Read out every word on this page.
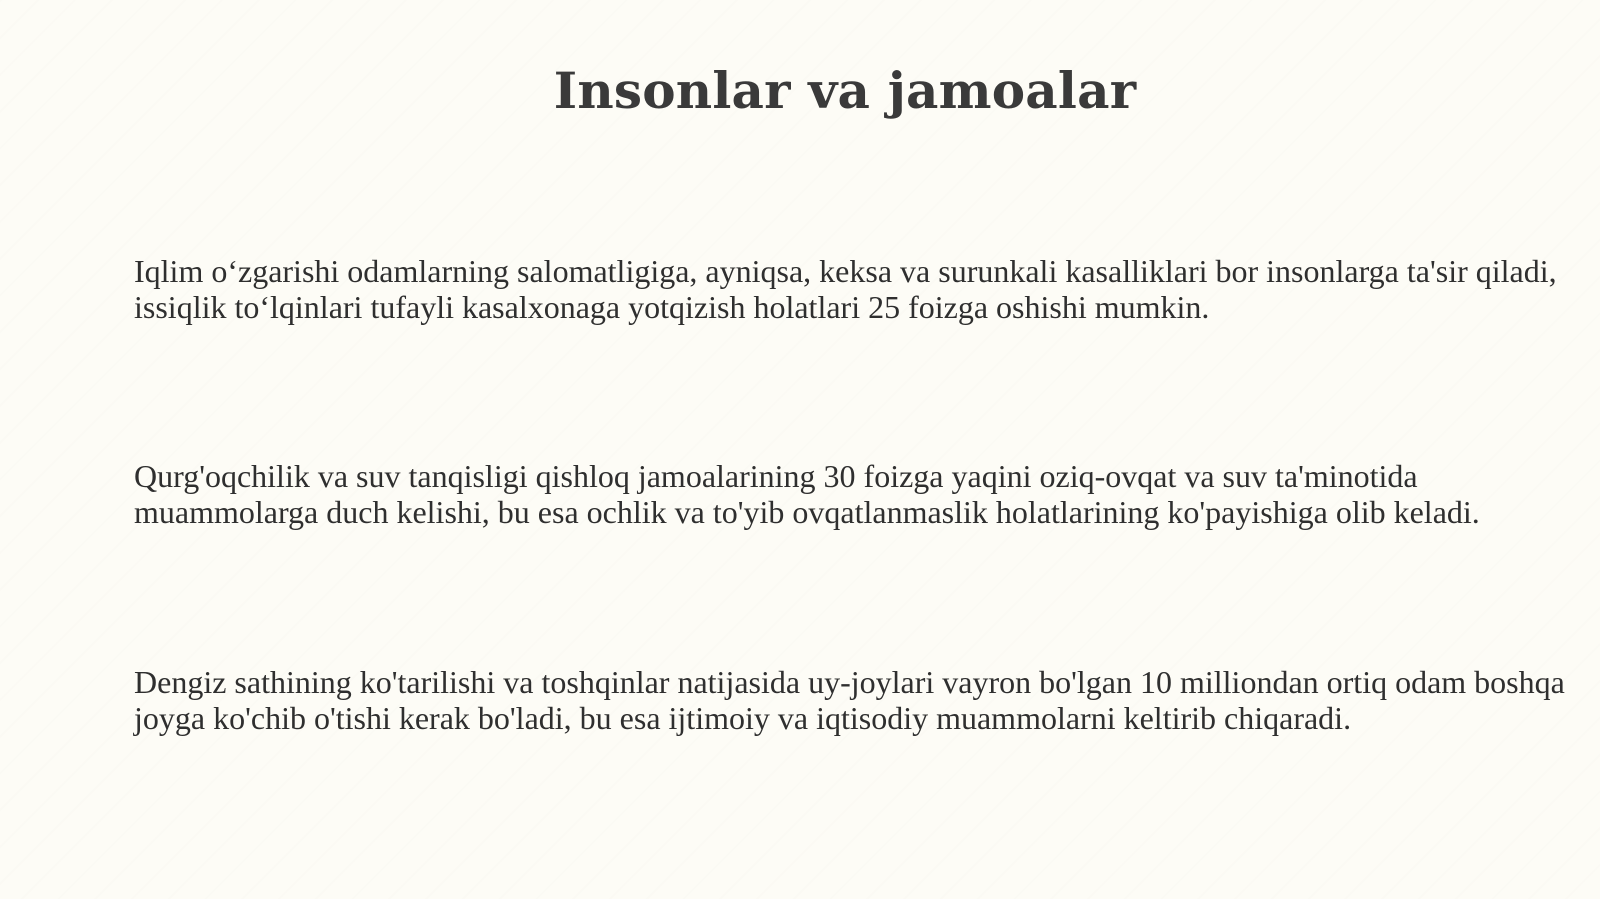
Insonlar va jamoalar

Iqlim o‘zgarishi odamlarning salomatligiga, ayniqsa, keksa va surunkali kasalliklari bor insonlarga ta'sir qiladi, issiqlik to‘lqinlari tufayli kasalxonaga yotqizish holatlari 25 foizga oshishi mumkin.

Qurg'oqchilik va suv tanqisligi qishloq jamoalarining 30 foizga yaqini oziq-ovqat va suv ta'minotida muammolarga duch kelishi, bu esa ochlik va to'yib ovqatlanmaslik holatlarining ko'payishiga olib keladi.

Dengiz sathining ko'tarilishi va toshqinlar natijasida uy-joylari vayron bo'lgan 10 milliondan ortiq odam boshqa joyga ko'chib o'tishi kerak bo'ladi, bu esa ijtimoiy va iqtisodiy muammolarni keltirib chiqaradi.
